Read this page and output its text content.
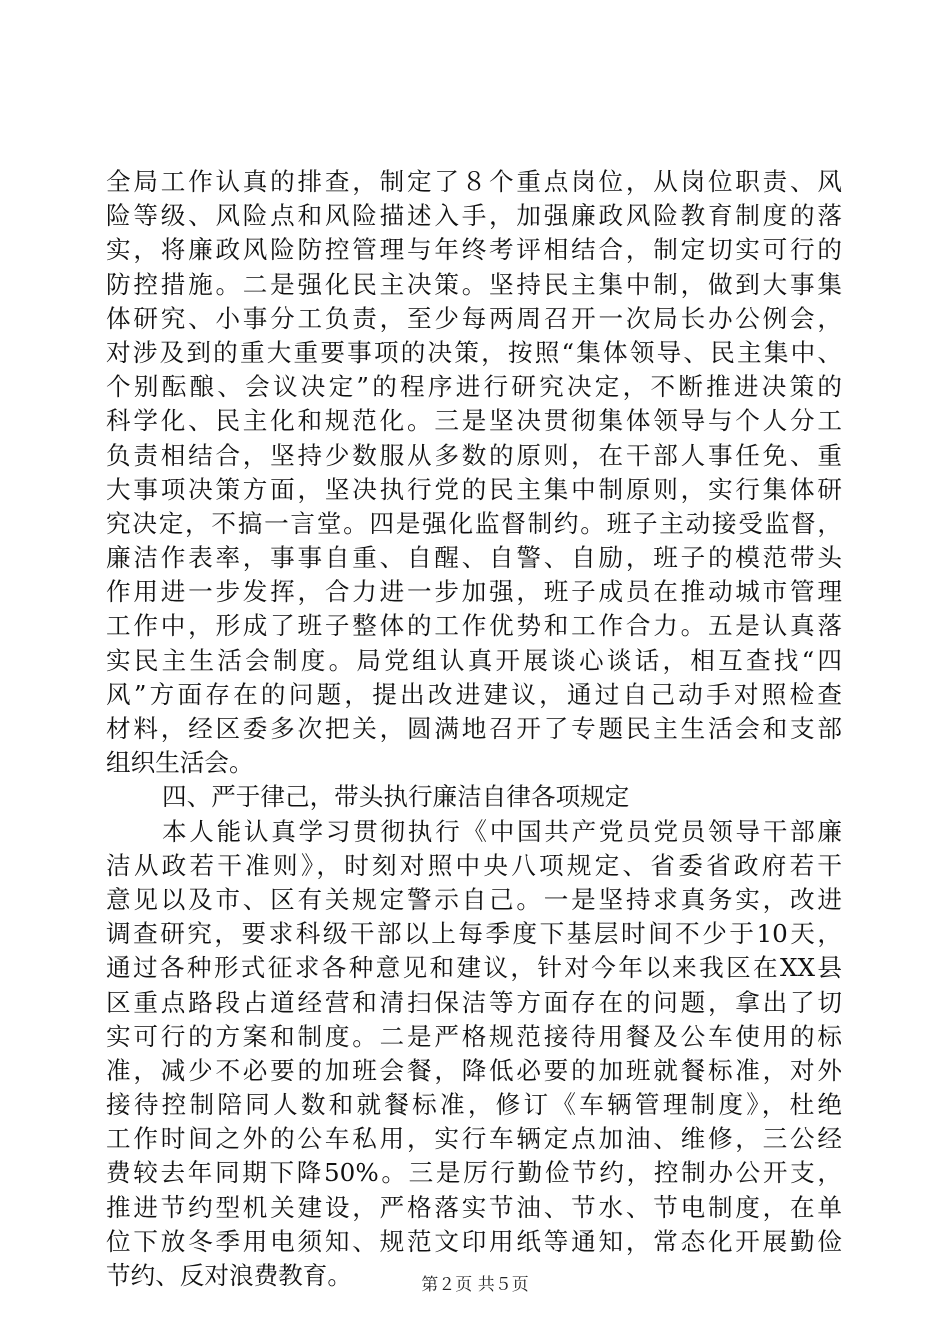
全局工作认真的排查，制定了８个重点岗位，从岗位职责、风
险等级、风险点和风险描述入手，加强廉政风险教育制度的落
实，将廉政风险防控管理与年终考评相结合，制定切实可行的
防控措施。二是强化民主决策。坚持民主集中制，做到大事集
体研究、小事分工负责，至少每两周召开一次局长办公例会，
对涉及到的重大重要事项的决策，按照“集体领导、民主集中、
个别酝酿、会议决定”的程序进行研究决定，不断推进决策的
科学化、民主化和规范化。三是坚决贯彻集体领导与个人分工
负责相结合，坚持少数服从多数的原则，在干部人事任免、重
大事项决策方面，坚决执行党的民主集中制原则，实行集体研
究决定，不搞一言堂。四是强化监督制约。班子主动接受监督，
廉洁作表率，事事自重、自醒、自警、自励，班子的模范带头
作用进一步发挥，合力进一步加强，班子成员在推动城市管理
工作中，形成了班子整体的工作优势和工作合力。五是认真落
实民主生活会制度。局党组认真开展谈心谈话，相互查找“四
风”方面存在的问题，提出改进建议，通过自己动手对照检查
材料，经区委多次把关，圆满地召开了专题民主生活会和支部
组织生活会。
四、严于律己，带头执行廉洁自律各项规定
本人能认真学习贯彻执行《中国共产党员党员领导干部廉
洁从政若干准则》，时刻对照中央八项规定、省委省政府若干
意见以及市、区有关规定警示自己。一是坚持求真务实，改进
调查研究，要求科级干部以上每季度下基层时间不少于10天，
通过各种形式征求各种意见和建议，针对今年以来我区在XX县
区重点路段占道经营和清扫保洁等方面存在的问题，拿出了切
实可行的方案和制度。二是严格规范接待用餐及公车使用的标
准，减少不必要的加班会餐，降低必要的加班就餐标准，对外
接待控制陪同人数和就餐标准，修订《车辆管理制度》，杜绝
工作时间之外的公车私用，实行车辆定点加油、维修，三公经
费较去年同期下降50%。三是厉行勤俭节约，控制办公开支，
推进节约型机关建设，严格落实节油、节水、节电制度，在单
位下放冬季用电须知、规范文印用纸等通知，常态化开展勤俭
节约、反对浪费教育。	第２页 共５页
